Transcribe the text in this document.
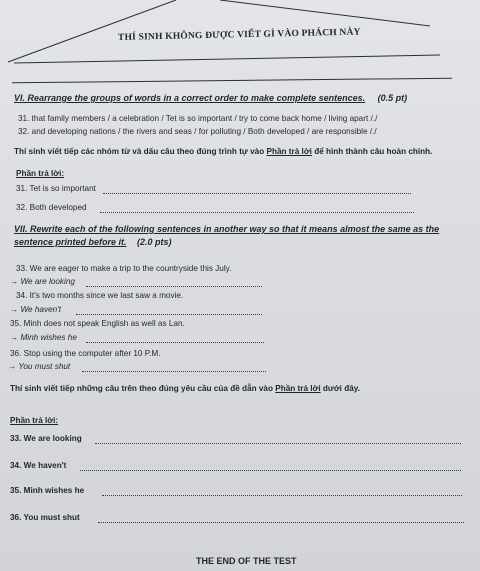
THÍ SINH KHÔNG ĐƯỢC VIẾT GÌ VÀO PHÁCH NÀY
VI. Rearrange the groups of words in a correct order to make complete sentences. (0.5 pt)
31. that family members / a celebration / Tet is so important / try to come back home / living apart /./
32. and developing nations / the rivers and seas / for polluting / Both developed / are responsible /./
Thí sinh viết tiếp các nhóm từ và dấu câu theo đúng trình tự vào Phần trả lời để hình thành câu hoàn chỉnh.
Phần trả lời:
31. Tet is so important
32. Both developed
VII. Rewrite each of the following sentences in another way so that it means almost the same as the
sentence printed before it. (2.0 pts)
33. We are eager to make a trip to the countryside this July.
→ We are looking
34. It's two months since we last saw a movie.
→ We haven't
35. Minh does not speak English as well as Lan.
→ Minh wishes he
36. Stop using the computer after 10 P.M.
→ You must shut
Thí sinh viết tiếp những câu trên theo đúng yêu cầu của đề dẫn vào Phần trả lời dưới đây.
Phần trả lời:
33. We are looking
34. We haven't
35. Minh wishes he
36. You must shut
THE END OF THE TEST
